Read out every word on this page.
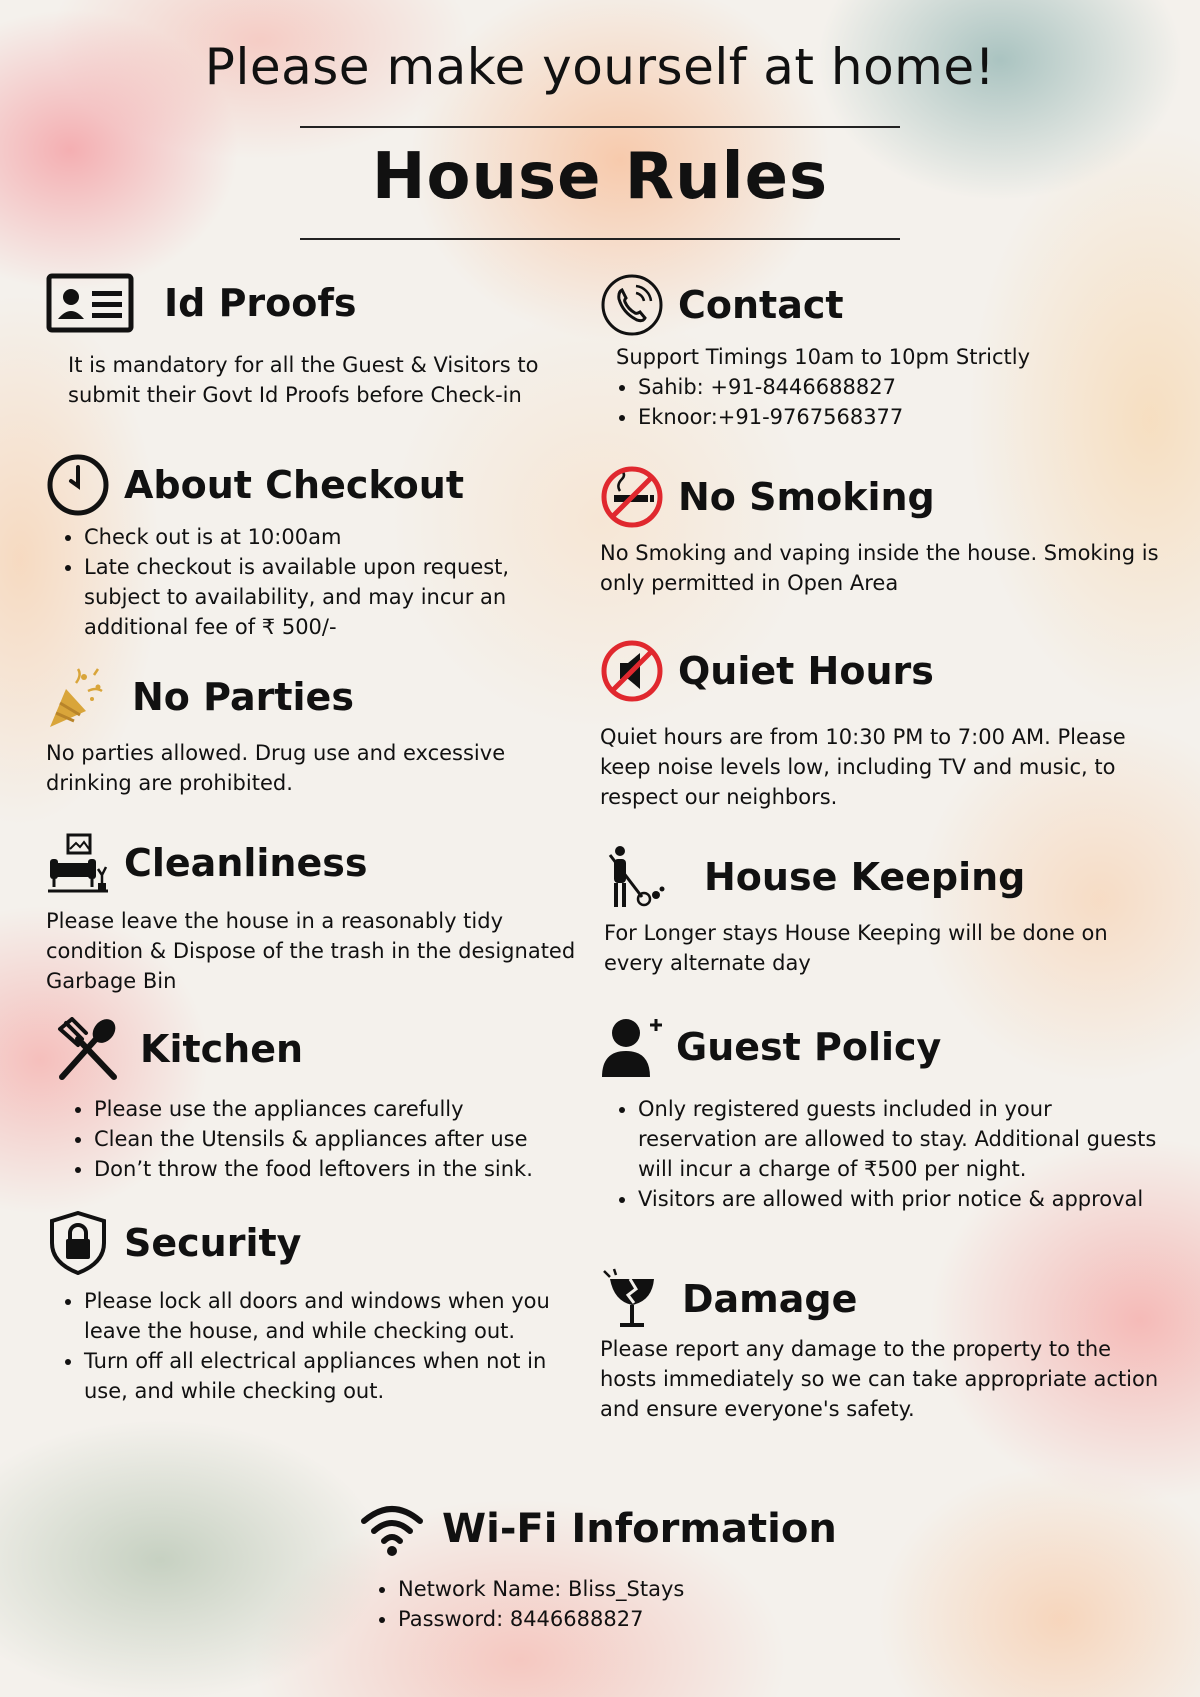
Please make yourself at home!
House Rules
Id Proofs

It is mandatory for all the Guest & Visitors to submit their Govt Id Proofs before Check-in

Contact

Support Timings 10am to 10pm Strictly

• Sahib: +91-8446688827
• Eknoor:+91-9767568377
About Checkout
• Check out is at 10:00am
• Late checkout is available upon request, subject to availability, and may incur an additional fee of ₹ 500/-
No Smoking

No Smoking and vaping inside the house. Smoking is only permitted in Open Area

No Parties

No parties allowed. Drug use and excessive drinking are prohibited.

Quiet Hours

Quiet hours are from 10:30 PM to 7:00 AM. Please keep noise levels low, including TV and music, to respect our neighbors.

Cleanliness

Please leave the house in a reasonably tidy condition & Dispose of the trash in the designated Garbage Bin

House Keeping

For Longer stays House Keeping will be done on every alternate day

Kitchen
• Please use the appliances carefully
• Clean the Utensils & appliances after use
• Don’t throw the food leftovers in the sink.
Guest Policy
• Only registered guests included in your reservation are allowed to stay. Additional guests will incur a charge of ₹500 per night.
• Visitors are allowed with prior notice & approval
Security
• Please lock all doors and windows when you leave the house, and while checking out.
• Turn off all electrical appliances when not in use, and while checking out.
Damage

Please report any damage to the property to the hosts immediately so we can take appropriate action and ensure everyone's safety.

Wi-Fi Information
• Network Name: Bliss_Stays
• Password: 8446688827
